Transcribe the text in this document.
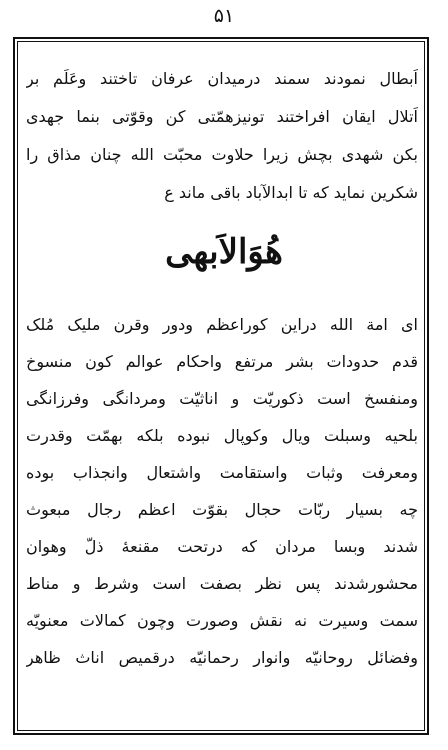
۵۱
اَبطال نمودند سمند درمیدان عرفان تاختند وعَلَم بر
اَتلال ایقان افراختند تونیزهمّتی کن وقوّتی بنما جهدی
بکن شهدی بچش زیرا حلاوت محبّت الله چنان مذاق را
شکرین نماید که تا ابدالآباد باقی ماند ع
هُوَالاَبهی
ای امة الله دراین کوراعظم ودور وقرن ملیک مُلک
قدم حدودات بشر مرتفع واحکام عوالم کون منسوخ
ومنفسخ است ذکوریّت و اناثیّت ومردانگی وفرزانگی
بلحیه وسبلت ویال وکوپال نبوده بلکه بهمّت وقدرت
ومعرفت وثبات واستقامت واشتعال وانجذاب بوده
چه بسیار ربّات حجال بقوّت اعظم رجال مبعوث
شدند وبسا مردان که درتحت مقنعهٔ ذلّ وهوان
محشورشدند پس نظر بصفت است وشرط و مناط
سمت وسیرت نه نقش وصورت وچون کمالات معنویّه
وفضائل روحانیّه وانوار رحمانیّه درقمیص اناث ظاهر
